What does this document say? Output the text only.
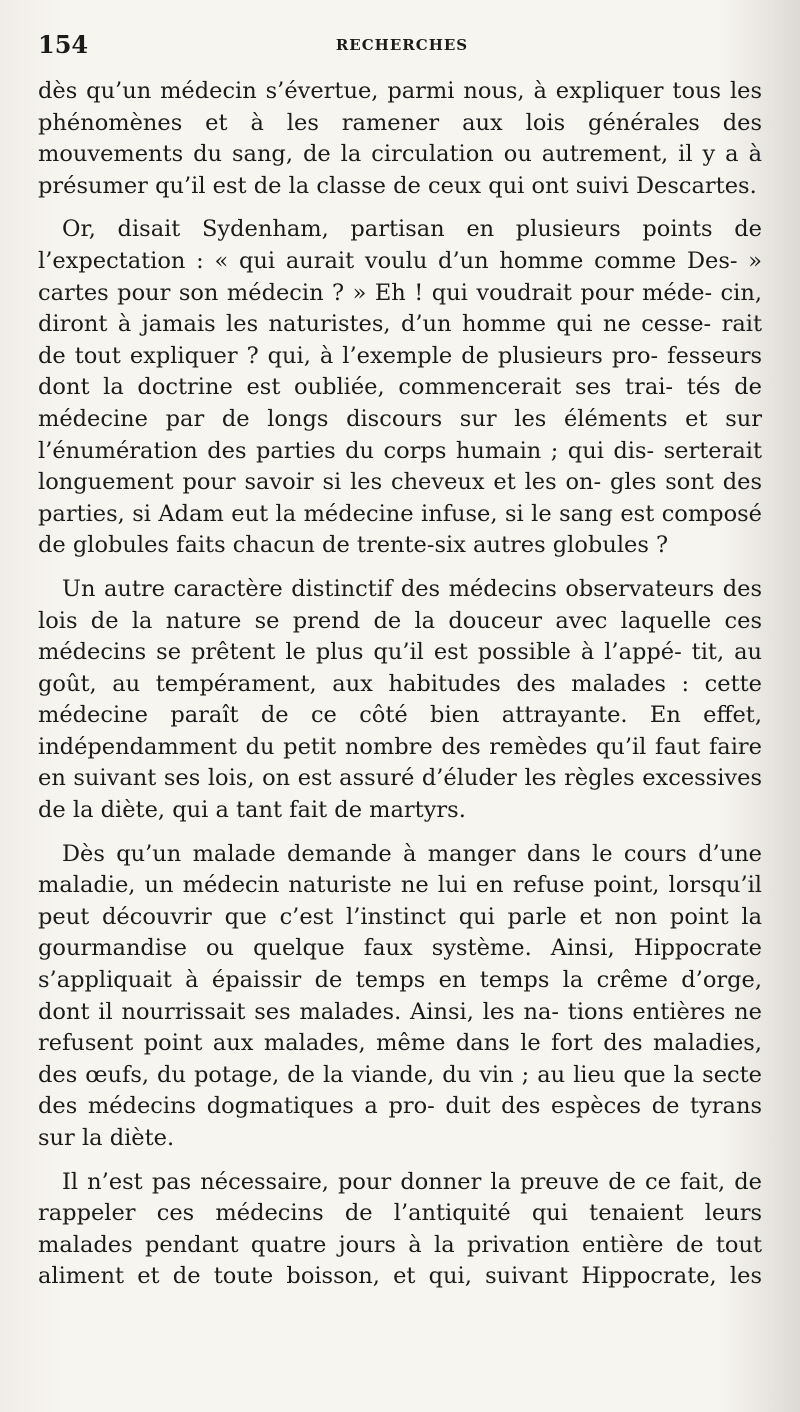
154	RECHERCHES

dès qu’un médecin s’évertue, parmi nous, à expliquer tous les phénomènes et à les ramener aux lois générales des mouvements du sang, de la circulation ou autrement, il y a à présumer qu’il est de la classe de ceux qui ont suivi Descartes.

Or, disait Sydenham, partisan en plusieurs points de l’expectation : « qui aurait voulu d’un homme comme Des- » cartes pour son médecin ? » Eh ! qui voudrait pour méde- cin, diront à jamais les naturistes, d’un homme qui ne cesse- rait de tout expliquer ? qui, à l’exemple de plusieurs pro- fesseurs dont la doctrine est oubliée, commencerait ses trai- tés de médecine par de longs discours sur les éléments et sur l’énumération des parties du corps humain ; qui dis- serterait longuement pour savoir si les cheveux et les on- gles sont des parties, si Adam eut la médecine infuse, si le sang est composé de globules faits chacun de trente-six autres globules ?

Un autre caractère distinctif des médecins observateurs des lois de la nature se prend de la douceur avec laquelle ces médecins se prêtent le plus qu’il est possible à l’appé- tit, au goût, au tempérament, aux habitudes des malades : cette médecine paraît de ce côté bien attrayante. En effet, indépendamment du petit nombre des remèdes qu’il faut faire en suivant ses lois, on est assuré d’éluder les règles excessives de la diète, qui a tant fait de martyrs.

Dès qu’un malade demande à manger dans le cours d’une maladie, un médecin naturiste ne lui en refuse point, lorsqu’il peut découvrir que c’est l’instinct qui parle et non point la gourmandise ou quelque faux système. Ainsi, Hippocrate s’appliquait à épaissir de temps en temps la crême d’orge, dont il nourrissait ses malades. Ainsi, les na- tions entières ne refusent point aux malades, même dans le fort des maladies, des œufs, du potage, de la viande, du vin ; au lieu que la secte des médecins dogmatiques a pro- duit des espèces de tyrans sur la diète.

Il n’est pas nécessaire, pour donner la preuve de ce fait, de rappeler ces médecins de l’antiquité qui tenaient leurs malades pendant quatre jours à la privation entière de tout aliment et de toute boisson, et qui, suivant Hippocrate, les
